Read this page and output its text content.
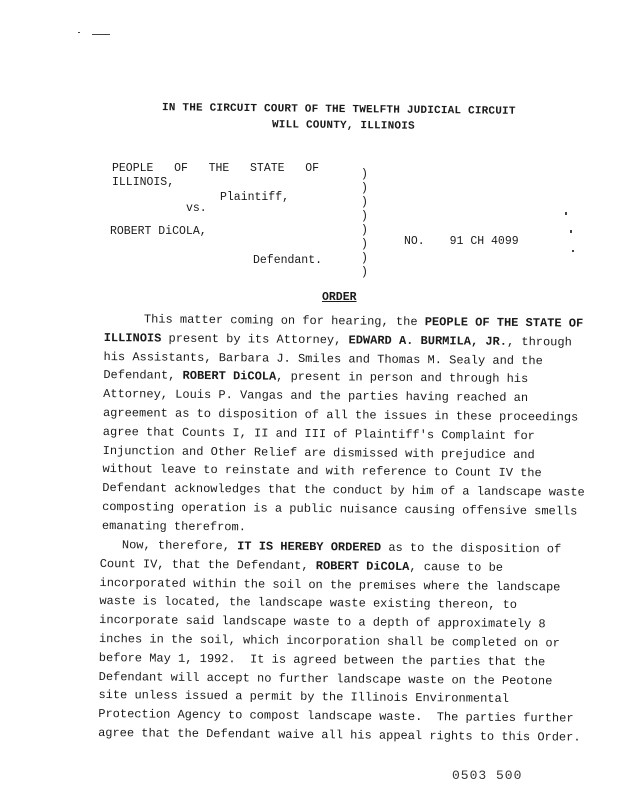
IN THE CIRCUIT COURT OF THE TWELFTH JUDICIAL CIRCUIT
WILL COUNTY, ILLINOIS
PEOPLE   OF   THE   STATE   OF
ILLINOIS,
Plaintiff,
vs.
ROBERT DiCOLA,
Defendant.
)
)
)
)
)
)
)
)
NO. 91 CH 4099
ORDER
This matter coming on for hearing, the PEOPLE OF THE STATE OF
ILLINOIS present by its Attorney, EDWARD A. BURMILA, JR., through
his Assistants, Barbara J. Smiles and Thomas M. Sealy and the
Defendant, ROBERT DiCOLA, present in person and through his
Attorney, Louis P. Vangas and the parties having reached an
agreement as to disposition of all the issues in these proceedings
agree that Counts I, II and III of Plaintiff's Complaint for
Injunction and Other Relief are dismissed with prejudice and
without leave to reinstate and with reference to Count IV the
Defendant acknowledges that the conduct by him of a landscape waste
composting operation is a public nuisance causing offensive smells
emanating therefrom.
Now, therefore, IT IS HEREBY ORDERED as to the disposition of
Count IV, that the Defendant, ROBERT DiCOLA, cause to be
incorporated within the soil on the premises where the landscape
waste is located, the landscape waste existing thereon, to
incorporate said landscape waste to a depth of approximately 8
inches in the soil, which incorporation shall be completed on or
before May 1, 1992.  It is agreed between the parties that the
Defendant will accept no further landscape waste on the Peotone
site unless issued a permit by the Illinois Environmental
Protection Agency to compost landscape waste.  The parties further
agree that the Defendant waive all his appeal rights to this Order.
0503 500
